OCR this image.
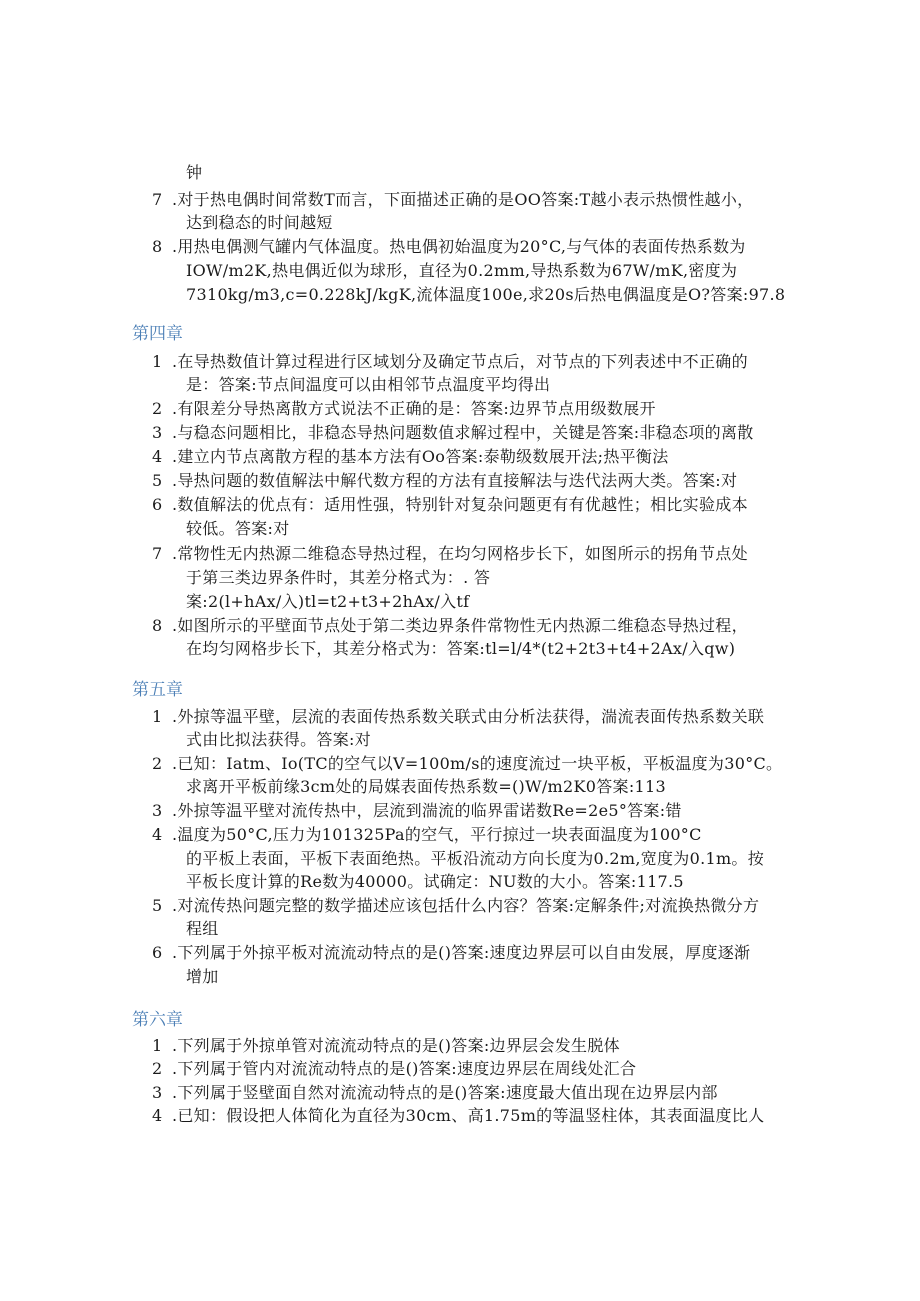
钟
7 .对于热电偶时间常数T而言，下面描述正确的是OO答案:T越小表示热惯性越小，
达到稳态的时间越短
8 .用热电偶测气罐内气体温度。热电偶初始温度为20°C,与气体的表面传热系数为
IOW∕m2K,热电偶近似为球形，直径为0.2mm,导热系数为67W∕mK,密度为
7310kg∕m3,c=0.228kJ∕kgK,流体温度100e,求20s后热电偶温度是O?答案:97.8
第四章
1 .在导热数值计算过程进行区域划分及确定节点后，对节点的下列表述中不正确的
是：答案:节点间温度可以由相邻节点温度平均得出
2 .有限差分导热离散方式说法不正确的是：答案:边界节点用级数展开
3 .与稳态问题相比，非稳态导热问题数值求解过程中，关键是答案:非稳态项的离散
4 .建立内节点离散方程的基本方法有Oo答案:泰勒级数展开法;热平衡法
5 .导热问题的数值解法中解代数方程的方法有直接解法与迭代法两大类。答案:对
6 .数值解法的优点有：适用性强，特别针对复杂问题更有有优越性；相比实验成本
较低。答案:对
7 .常物性无内热源二维稳态导热过程，在均匀网格步长下，如图所示的拐角节点处
于第三类边界条件时，其差分格式为：. 答
案:2(l+hAx/入)tl=t2+t3+2hAx/入tf
8 .如图所示的平壁面节点处于第二类边界条件常物性无内热源二维稳态导热过程，
在均匀网格步长下，其差分格式为：答案:tl=l∕4*(t2+2t3+t4+2Ax/入qw)
第五章
1 .外掠等温平壁，层流的表面传热系数关联式由分析法获得，湍流表面传热系数关联
式由比拟法获得。答案:对
2 .已知：Iatm、Io(TC的空气以V=100m/s的速度流过一块平板，平板温度为30°C。
求离开平板前缘3cm处的局媒表面传热系数=()W∕m2K0答案:113
3 .外掠等温平壁对流传热中，层流到湍流的临界雷诺数Re=2e5°答案:错
4 .温度为50°C,压力为101325Pa的空气，平行掠过一块表面温度为100°C
的平板上表面，平板下表面绝热。平板沿流动方向长度为0.2m,宽度为0.1m。按
平板长度计算的Re数为40000。试确定：NU数的大小。答案:117.5
5 .对流传热问题完整的数学描述应该包括什么内容？答案:定解条件;对流换热微分方
程组
6 .下列属于外掠平板对流流动特点的是()答案:速度边界层可以自由发展，厚度逐渐
增加
第六章
1 .下列属于外掠单管对流流动特点的是()答案:边界层会发生脱体
2 .下列属于管内对流流动特点的是()答案:速度边界层在周线处汇合
3 .下列属于竖壁面自然对流流动特点的是()答案:速度最大值出现在边界层内部
4 .已知：假设把人体简化为直径为30cm、高1.75m的等温竖柱体，其表面温度比人
